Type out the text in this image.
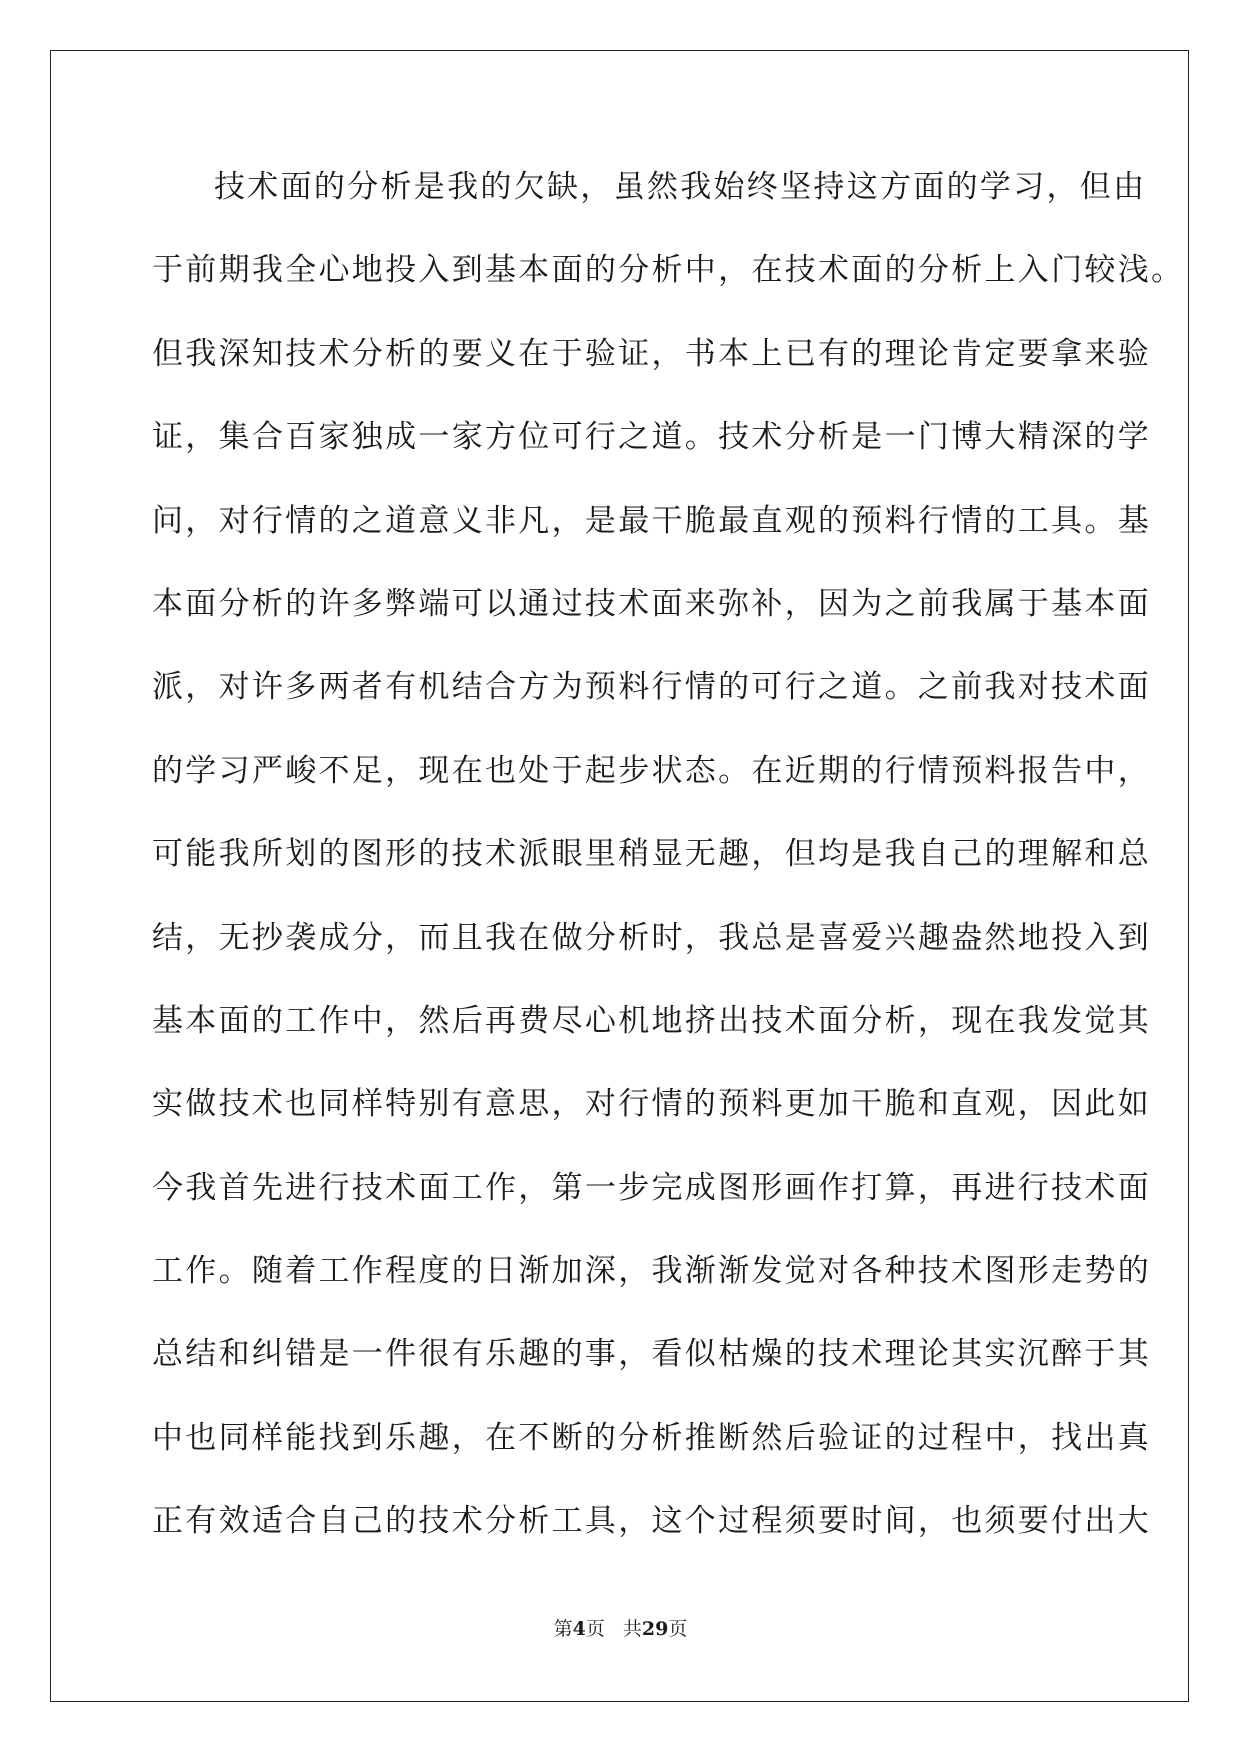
技术面的分析是我的欠缺，虽然我始终坚持这方面的学习，但由
于前期我全心地投入到基本面的分析中，在技术面的分析上入门较浅。
但我深知技术分析的要义在于验证，书本上已有的理论肯定要拿来验
证，集合百家独成一家方位可行之道。技术分析是一门博大精深的学
问，对行情的之道意义非凡，是最干脆最直观的预料行情的工具。基
本面分析的许多弊端可以通过技术面来弥补，因为之前我属于基本面
派，对许多两者有机结合方为预料行情的可行之道。之前我对技术面
的学习严峻不足，现在也处于起步状态。在近期的行情预料报告中，
可能我所划的图形的技术派眼里稍显无趣，但均是我自己的理解和总
结，无抄袭成分，而且我在做分析时，我总是喜爱兴趣盎然地投入到
基本面的工作中，然后再费尽心机地挤出技术面分析，现在我发觉其
实做技术也同样特别有意思，对行情的预料更加干脆和直观，因此如
今我首先进行技术面工作，第一步完成图形画作打算，再进行技术面
工作。随着工作程度的日渐加深，我渐渐发觉对各种技术图形走势的
总结和纠错是一件很有乐趣的事，看似枯燥的技术理论其实沉醉于其
中也同样能找到乐趣，在不断的分析推断然后验证的过程中，找出真
正有效适合自己的技术分析工具，这个过程须要时间，也须要付出大
第4页 共29页
